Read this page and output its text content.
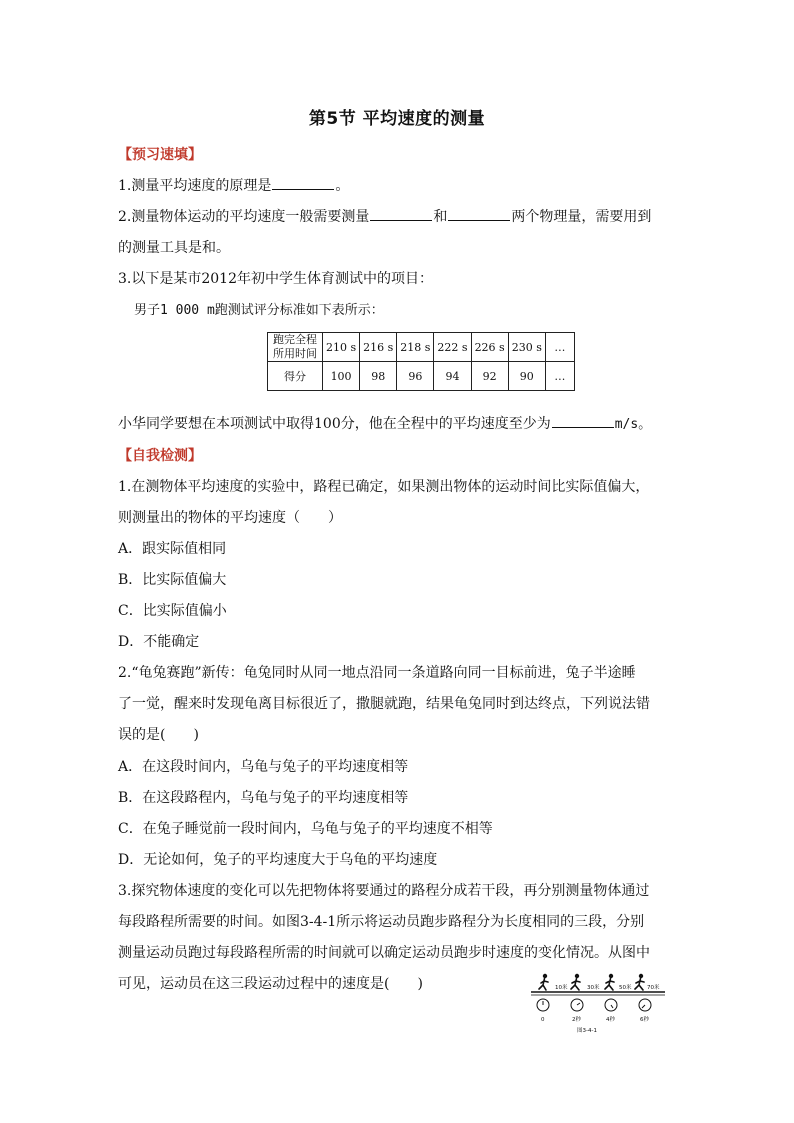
第5节 平均速度的测量
【预习速填】
1.测量平均速度的原理是	。
2.测量物体运动的平均速度一般需要测量	和	两个物理量，需要用到
的测量工具是和。
3.以下是某市2012年初中学生体育测试中的项目：
男子1 000 m跑测试评分标准如下表所示：
跑完全程
所用时间	210 s	216 s	218 s	222 s	226 s	230 s	…
得分	100	98	96	94	92	90	…
小华同学要想在本项测试中取得100分，他在全程中的平均速度至少为	m/s。
【自我检测】
1.在测物体平均速度的实验中，路程已确定，如果测出物体的运动时间比实际值偏大，
则测量出的物体的平均速度（　　）
A．跟实际值相同
B．比实际值偏大
C．比实际值偏小
D．不能确定
2.“龟兔赛跑”新传：龟兔同时从同一地点沿同一条道路向同一目标前进，兔子半途睡
了一觉，醒来时发现龟离目标很近了，撒腿就跑，结果龟兔同时到达终点，下列说法错
误的是(　　)
A．在这段时间内，乌龟与兔子的平均速度相等
B．在这段路程内，乌龟与兔子的平均速度相等
C．在兔子睡觉前一段时间内，乌龟与兔子的平均速度不相等
D．无论如何，兔子的平均速度大于乌龟的平均速度
3.探究物体速度的变化可以先把物体将要通过的路程分成若干段，再分别测量物体通过
每段路程所需要的时间。如图3-4-1所示将运动员跑步路程分为长度相同的三段，分别
测量运动员跑过每段路程所需的时间就可以确定运动员跑步时速度的变化情况。从图中
可见，运动员在这三段运动过程中的速度是(　　)	10米	30米	50米	70米
0	2秒	4秒	6秒
图3-4-1
